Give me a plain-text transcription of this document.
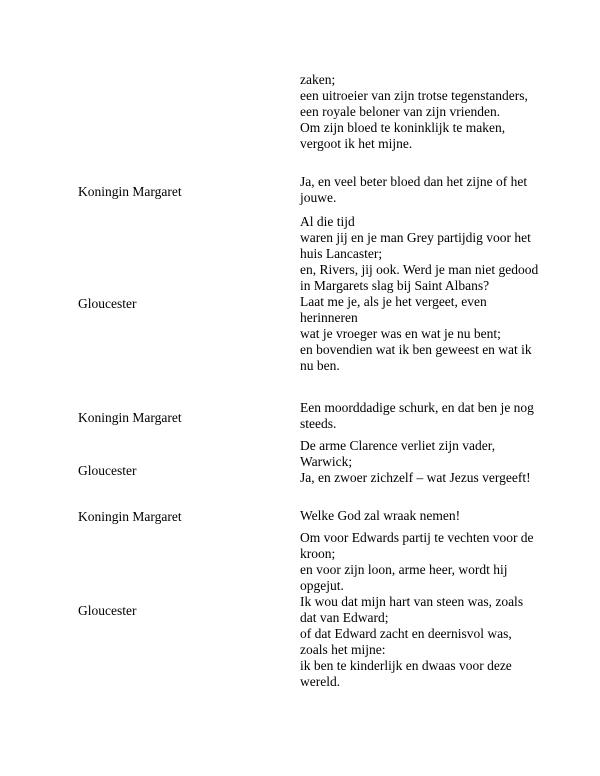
zaken;
een uitroeier van zijn trotse tegenstanders,
een royale beloner van zijn vrienden.
Om zijn bloed te koninklijk te maken, vergoot ik het mijne.
Koningin Margaret
Ja, en veel beter bloed dan het zijne of het jouwe.
Gloucester
Al die tijd
waren jij en je man Grey partijdig voor het huis Lancaster;
en, Rivers, jij ook. Werd je man niet gedood in Margarets slag bij Saint Albans?
Laat me je, als je het vergeet, even herinneren
wat je vroeger was en wat je nu bent;
en bovendien wat ik ben geweest en wat ik nu ben.
Koningin Margaret
Een moorddadige schurk, en dat ben je nog steeds.
Gloucester
De arme Clarence verliet zijn vader, Warwick;
Ja, en zwoer zichzelf – wat Jezus vergeeft!
Koningin Margaret	Welke God zal wraak nemen!
Gloucester
Om voor Edwards partij te vechten voor de kroon;
en voor zijn loon, arme heer, wordt hij opgejut.
Ik wou dat mijn hart van steen was, zoals dat van Edward;
of dat Edward zacht en deernisvol was, zoals het mijne:
ik ben te kinderlijk en dwaas voor deze wereld.
